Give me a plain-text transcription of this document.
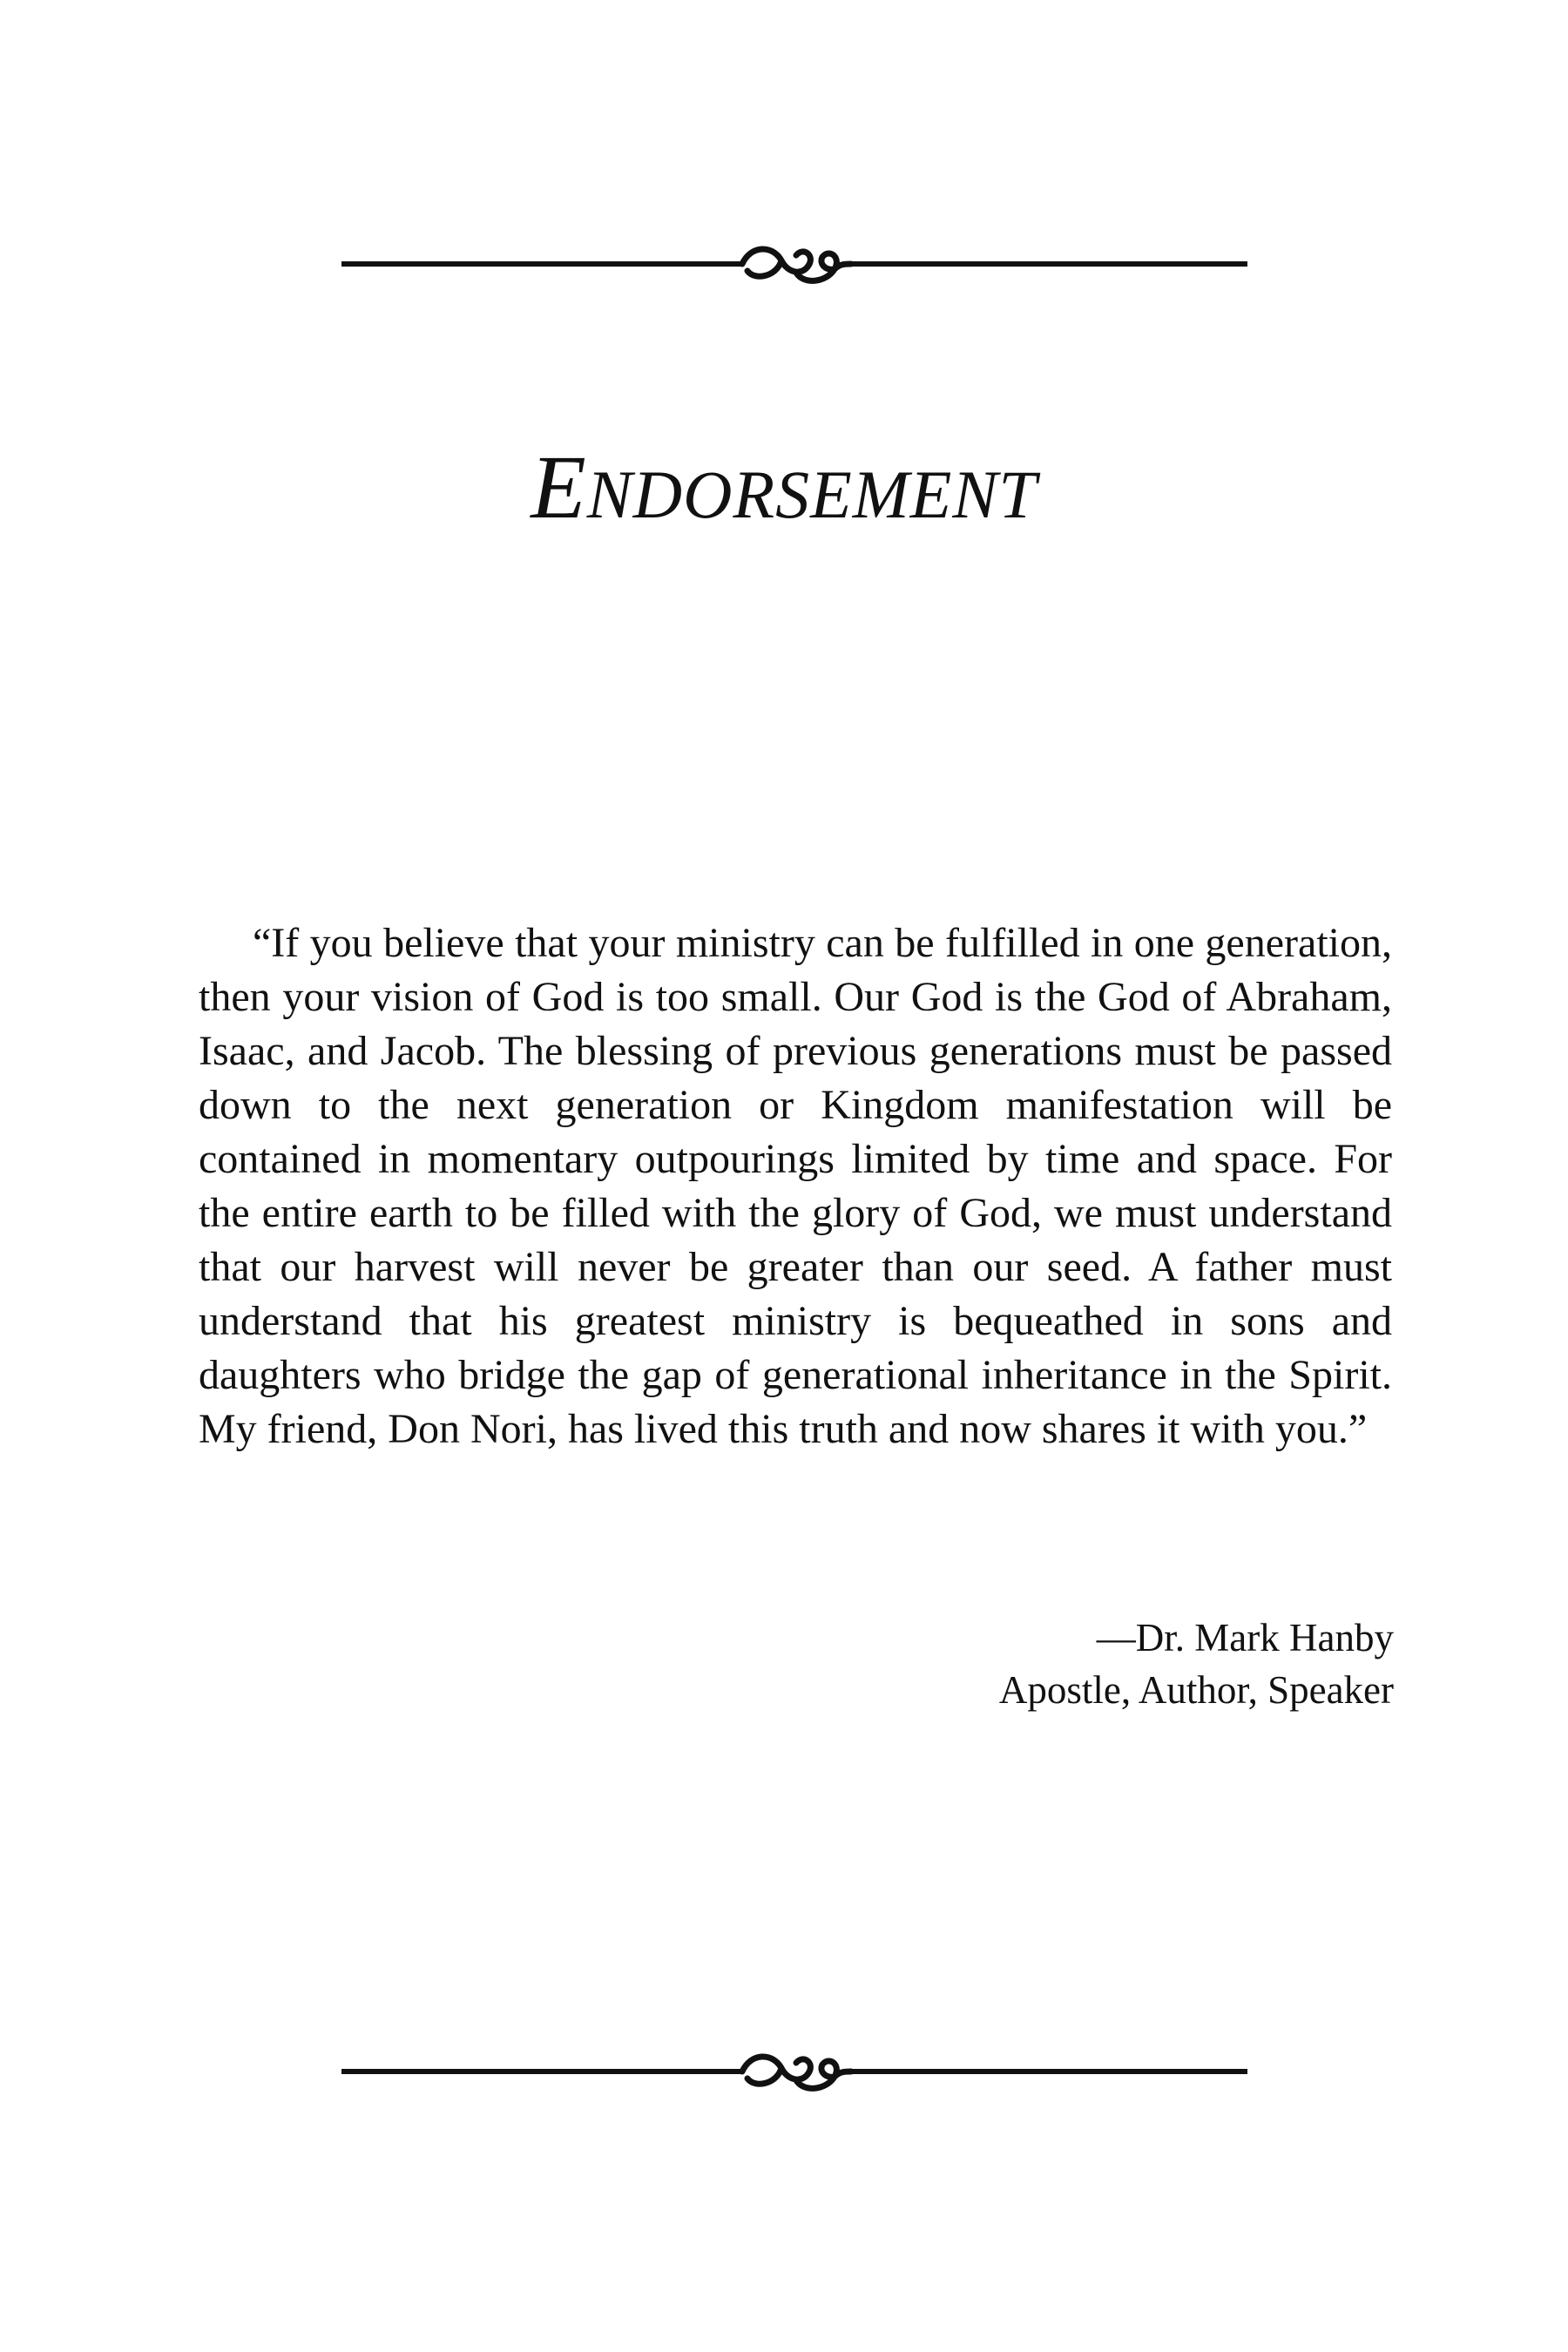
ENDORSEMENT

“If you believe that your ministry can be fulfilled in one generation, then your vision of God is too small. Our God is the God of Abraham, Isaac, and Jacob. The blessing of previous generations must be passed down to the next generation or Kingdom manifestation will be contained in momentary outpourings limited by time and space. For the entire earth to be filled with the glory of God, we must understand that our harvest will never be greater than our seed. A father must understand that his greatest ministry is bequeathed in sons and daughters who bridge the gap of generational inheritance in the Spirit. My friend, Don Nori, has lived this truth and now shares it with you.”

—Dr. Mark Hanby
Apostle, Author, Speaker
